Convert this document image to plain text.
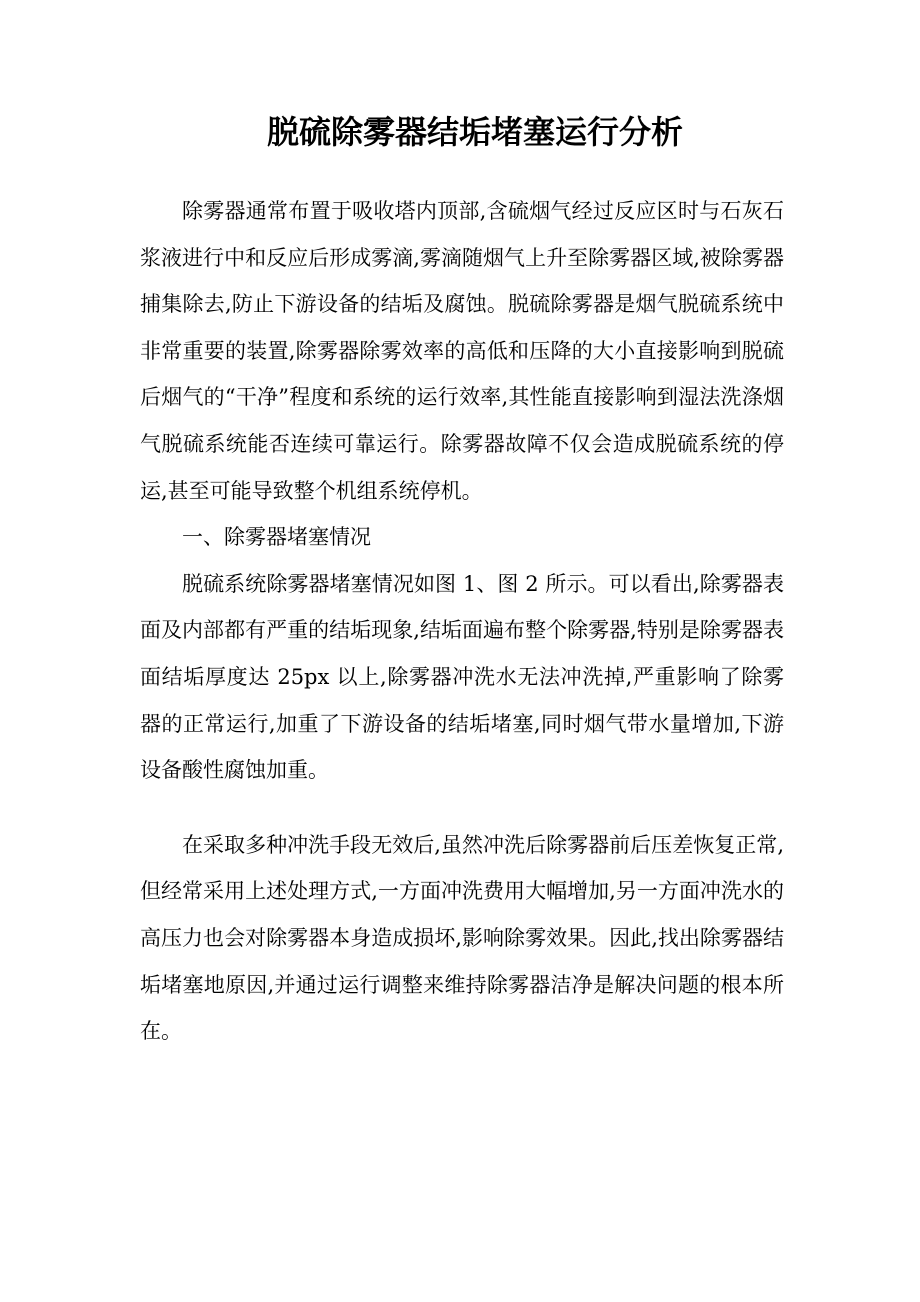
脱硫除雾器结垢堵塞运行分析

除雾器通常布置于吸收塔内顶部,含硫烟气经过反应区时与石灰石浆液进行中和反应后形成雾滴,雾滴随烟气上升至除雾器区域,被除雾器捕集除去,防止下游设备的结垢及腐蚀。脱硫除雾器是烟气脱硫系统中非常重要的装置,除雾器除雾效率的高低和压降的大小直接影响到脱硫后烟气的“干净”程度和系统的运行效率,其性能直接影响到湿法洗涤烟气脱硫系统能否连续可靠运行。除雾器故障不仅会造成脱硫系统的停运,甚至可能导致整个机组系统停机。

一、除雾器堵塞情况

脱硫系统除雾器堵塞情况如图 1、图 2 所示。可以看出,除雾器表面及内部都有严重的结垢现象,结垢面遍布整个除雾器,特别是除雾器表面结垢厚度达 25px 以上,除雾器冲洗水无法冲洗掉,严重影响了除雾器的正常运行,加重了下游设备的结垢堵塞,同时烟气带水量增加,下游设备酸性腐蚀加重。

在采取多种冲洗手段无效后,虽然冲洗后除雾器前后压差恢复正常,但经常采用上述处理方式,一方面冲洗费用大幅增加,另一方面冲洗水的高压力也会对除雾器本身造成损坏,影响除雾效果。因此,找出除雾器结垢堵塞地原因,并通过运行调整来维持除雾器洁净是解决问题的根本所在。
